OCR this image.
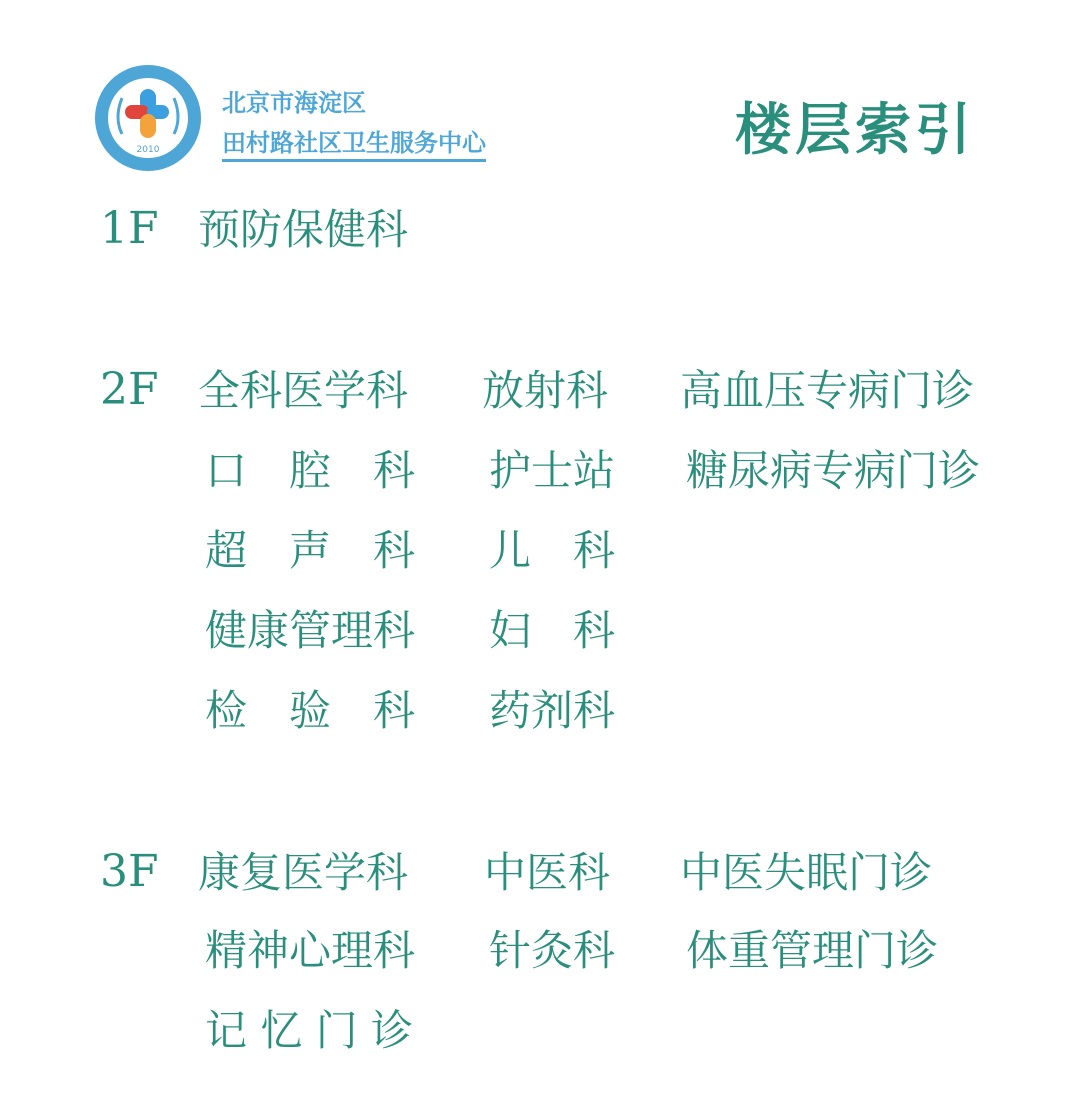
2010
北京市海淀区
田村路社区卫生服务中心	楼层索引
1F 预防保健科
2F 全科医学科
口　腔　科
超　声　科
健康管理科
检　验　科
放射科
护士站
儿　科
妇　科
药剂科
高血压专病门诊
糖尿病专病门诊
3F 康复医学科
精神心理科
记 忆 门 诊
中医科
针灸科
中医失眠门诊
体重管理门诊
